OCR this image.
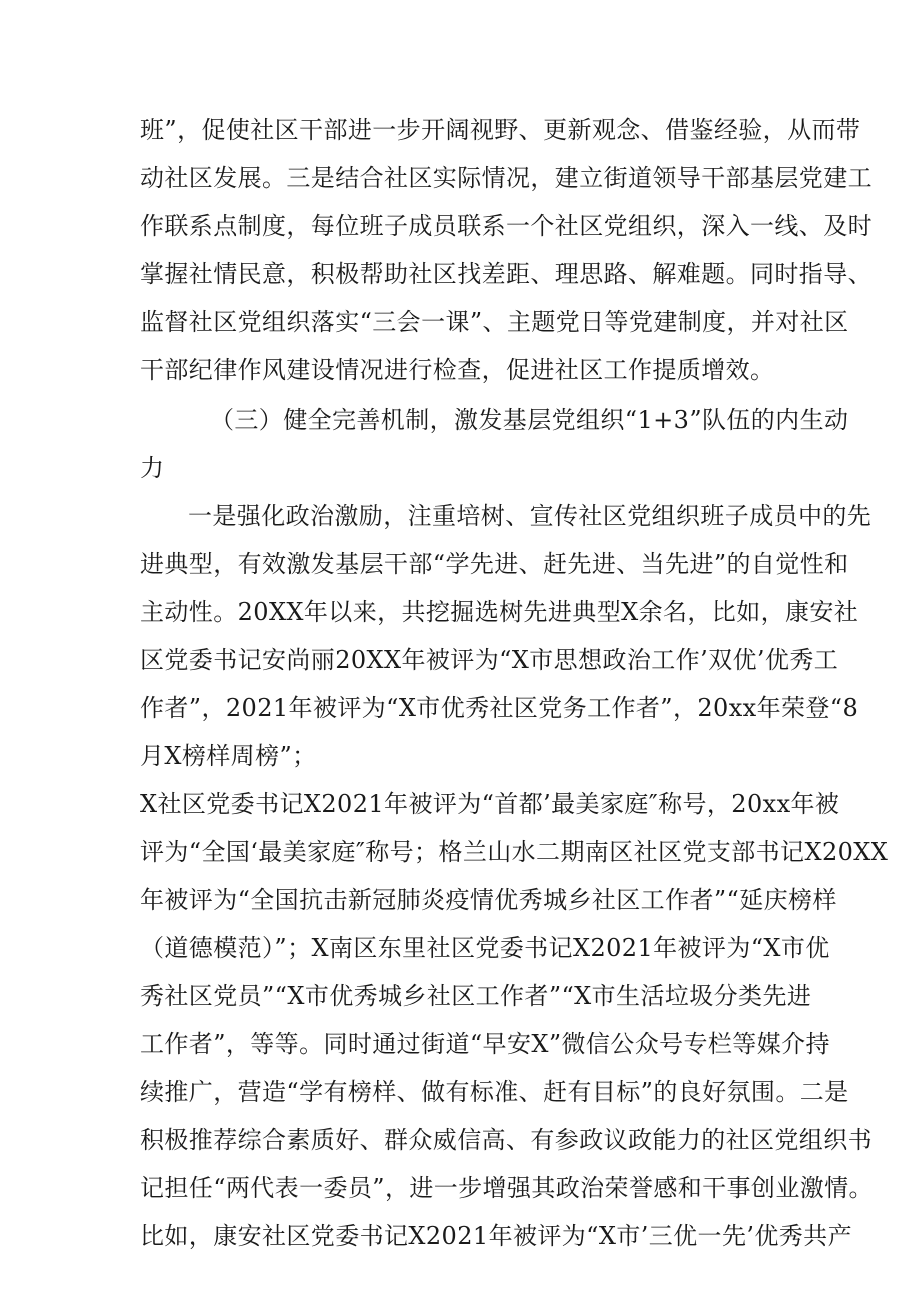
班”，促使社区干部进一步开阔视野、更新观念、借鉴经验，从而带
动社区发展。三是结合社区实际情况，建立街道领导干部基层党建工
作联系点制度，每位班子成员联系一个社区党组织，深入一线、及时
掌握社情民意，积极帮助社区找差距、理思路、解难题。同时指导、
监督社区党组织落实“三会一课”、主题党日等党建制度，并对社区
干部纪律作风建设情况进行检查，促进社区工作提质增效。
（三）健全完善机制，激发基层党组织“1+3”队伍的内生动
力
一是强化政治激励，注重培树、宣传社区党组织班子成员中的先
进典型，有效激发基层干部“学先进、赶先进、当先进”的自觉性和
主动性。20XX年以来，共挖掘选树先进典型X余名，比如，康安社
区党委书记安尚丽20XX年被评为“X市思想政治工作’双优’优秀工
作者”，2021年被评为“X市优秀社区党务工作者”，20xx年荣登“8
月X榜样周榜”；
X社区党委书记X2021年被评为“首都’最美家庭″称号，20xx年被
评为“全国‘最美家庭″称号；格兰山水二期南区社区党支部书记X20XX
年被评为“全国抗击新冠肺炎疫情优秀城乡社区工作者”“延庆榜样
（道德模范）”；X南区东里社区党委书记X2021年被评为“X市优
秀社区党员”“X市优秀城乡社区工作者”“X市生活垃圾分类先进
工作者”，等等。同时通过街道“早安X”微信公众号专栏等媒介持
续推广，营造“学有榜样、做有标准、赶有目标”的良好氛围。二是
积极推荐综合素质好、群众威信高、有参政议政能力的社区党组织书
记担任“两代表一委员”，进一步增强其政治荣誉感和干事创业激情。
比如，康安社区党委书记X2021年被评为“X市’三优一先’优秀共产
